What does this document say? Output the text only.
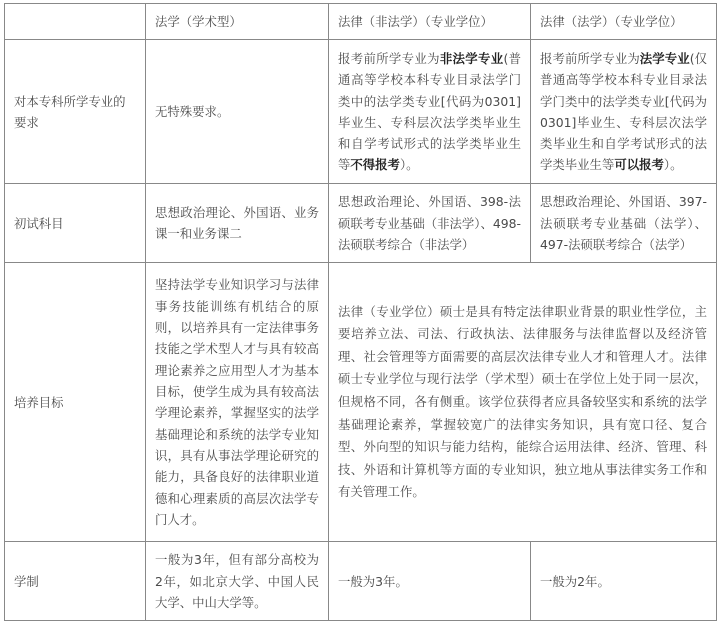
	法学（学术型）	法律（非法学）（专业学位）	法律（法学）（专业学位）
对本专科所学专业的要求	无特殊要求。	报考前所学专业为非法学专业(普通高等学校本科专业目录法学门类中的法学类专业[代码为0301]毕业生、专科层次法学类毕业生和自学考试形式的法学类毕业生等不得报考）。	报考前所学专业为法学专业(仅普通高等学校本科专业目录法学门类中的法学类专业[代码为0301]毕业生、专科层次法学类毕业生和自学考试形式的法学类毕业生等可以报考）。

初试科目	思想政治理论、外国语、业务课一和业务课二	思想政治理论、外国语、398-法硕联考专业基础（非法学）、498-法硕联考综合（非法学）	思想政治理论、外国语、397-法硕联考专业基础（法学）、497-法硕联考综合（法学）

培养目标	坚持法学专业知识学习与法律事务技能训练有机结合的原则，以培养具有一定法律事务技能之学术型人才与具有较高理论素养之应用型人才为基本目标，使学生成为具有较高法学理论素养，掌握坚实的法学基础理论和系统的法学专业知识，具有从事法学理论研究的能力，具备良好的法律职业道德和心理素质的高层次法学专门人才。	法律（专业学位）硕士是具有特定法律职业背景的职业性学位，主要培养立法、司法、行政执法、法律服务与法律监督以及经济管理、社会管理等方面需要的高层次法律专业人才和管理人才。法律硕士专业学位与现行法学（学术型）硕士在学位上处于同一层次，但规格不同，各有侧重。该学位获得者应具备较坚实和系统的法学基础理论素养，掌握较宽广的法律实务知识，具有宽口径、复合型、外向型的知识与能力结构，能综合运用法律、经济、管理、科技、外语和计算机等方面的专业知识，独立地从事法律实务工作和有关管理工作。	

学制	一般为3年，但有部分高校为2年，如北京大学、中国人民大学、中山大学等。	一般为3年。	一般为2年。
